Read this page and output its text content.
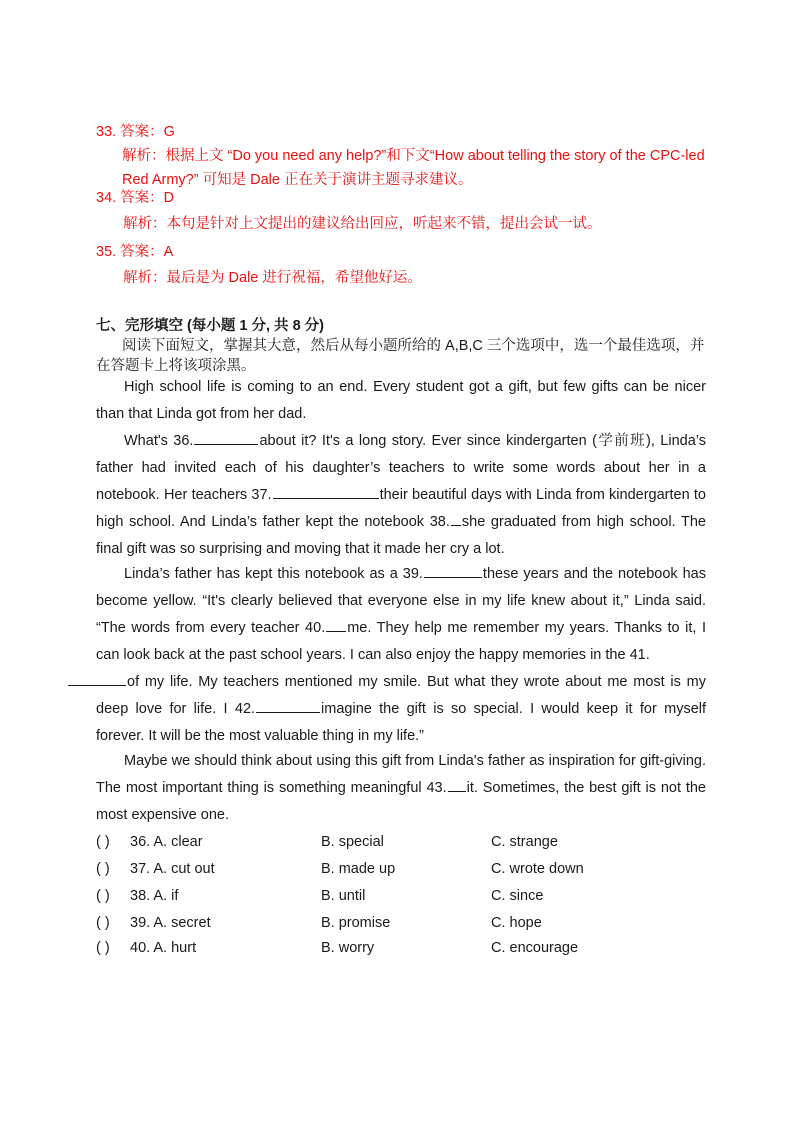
33. 答案：G
解析：根据上文 “Do you need any help?”和下文“How about telling the story of the CPC-led Red Army?” 可知是 Dale 正在关于演讲主题寻求建议。
34. 答案：D
解析：本句是针对上文提出的建议给出回应，听起来不错，提出会试一试。
35. 答案：A
解析：最后是为 Dale 进行祝福，希望他好运。
七、完形填空 (每小题 1 分, 共 8 分)
阅读下面短文，掌握其大意，然后从每小题所给的 A,B,C 三个选项中，选一个最佳选项，并在答题卡上将该项涂黑。
High school life is coming to an end. Every student got a gift, but few gifts can be nicer than that Linda got from her dad.
What's 36.	about it? It's a long story. Ever since kindergarten (学前班), Linda’s father had invited each of his daughter’s teachers to write some words about her in a notebook. Her teachers 37.	their beautiful days with Linda from kindergarten to high school. And Linda’s father kept the notebook 38. she graduated from high school. The final gift was so surprising and moving that it made her cry a lot.
Linda’s father has kept this notebook as a 39.	these years and the notebook has become yellow. “It's clearly believed that everyone else in my life knew about it,” Linda said. “The words from every teacher 40. me. They help me remember my years. Thanks to it, I can look back at the past school years. I can also enjoy the happy memories in the 41.
of my life. My teachers mentioned my smile. But what they wrote about me most is my deep love for life. I 42.	imagine the gift is so special. I would keep it for myself forever. It will be the most valuable thing in my life.”
Maybe we should think about using this gift from Linda's father as inspiration for gift-giving. The most important thing is something meaningful 43. it. Sometimes, the best gift is not the most expensive one.
( ) 36. A. clear	B. special	C. strange
( ) 37. A. cut out	B. made up	C. wrote down
( ) 38. A. if	B. until	C. since
( ) 39. A. secret	B. promise	C. hope
( ) 40. A. hurt	B. worry	C. encourage
